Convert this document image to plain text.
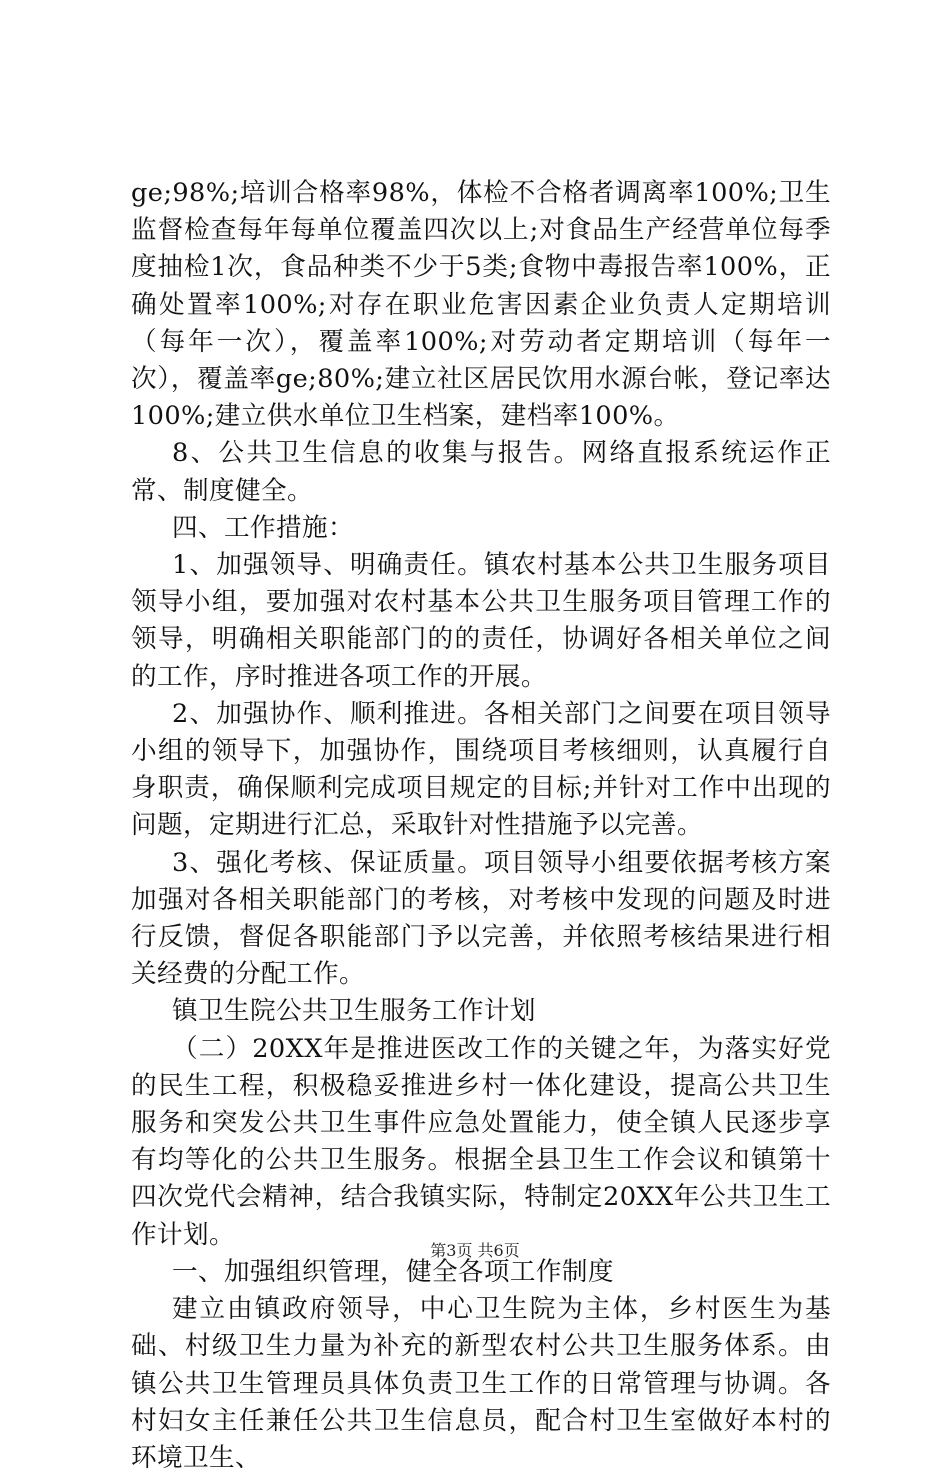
ge;98%;培训合格率98%，体检不合格者调离率100%;卫生监督检查每年每单位覆盖四次以上;对食品生产经营单位每季度抽检1次，食品种类不少于5类;食物中毒报告率100%，正确处置率100%;对存在职业危害因素企业负责人定期培训（每年一次），覆盖率100%;对劳动者定期培训（每年一次），覆盖率ge;80%;建立社区居民饮用水源台帐，登记率达100%;建立供水单位卫生档案，建档率100%。

8、公共卫生信息的收集与报告。网络直报系统运作正常、制度健全。

四、工作措施：

1、加强领导、明确责任。镇农村基本公共卫生服务项目领导小组，要加强对农村基本公共卫生服务项目管理工作的领导，明确相关职能部门的的责任，协调好各相关单位之间的工作，序时推进各项工作的开展。

2、加强协作、顺利推进。各相关部门之间要在项目领导小组的领导下，加强协作，围绕项目考核细则，认真履行自身职责，确保顺利完成项目规定的目标;并针对工作中出现的问题，定期进行汇总，采取针对性措施予以完善。

3、强化考核、保证质量。项目领导小组要依据考核方案加强对各相关职能部门的考核，对考核中发现的问题及时进行反馈，督促各职能部门予以完善，并依照考核结果进行相关经费的分配工作。

镇卫生院公共卫生服务工作计划

（二）20XX年是推进医改工作的关键之年，为落实好党的民生工程，积极稳妥推进乡村一体化建设，提高公共卫生服务和突发公共卫生事件应急处置能力，使全镇人民逐步享有均等化的公共卫生服务。根据全县卫生工作会议和镇第十四次党代会精神，结合我镇实际，特制定20XX年公共卫生工作计划。

一、加强组织管理，健全各项工作制度

建立由镇政府领导，中心卫生院为主体，乡村医生为基础、村级卫生力量为补充的新型农村公共卫生服务体系。由镇公共卫生管理员具体负责卫生工作的日常管理与协调。各村妇女主任兼任公共卫生信息员，配合村卫生室做好本村的环境卫生、

第3页 共6页
